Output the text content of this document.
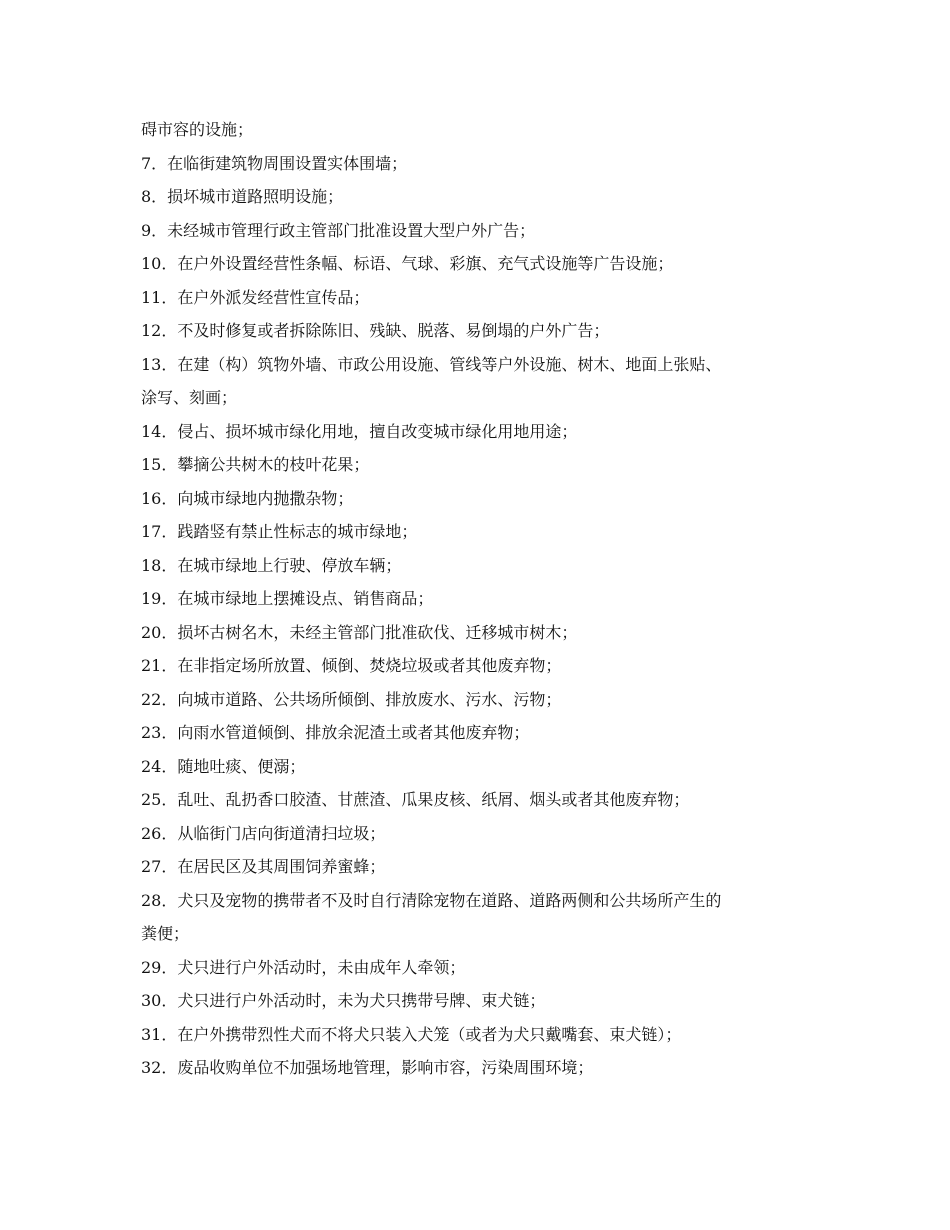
碍市容的设施；
7．在临街建筑物周围设置实体围墙；
8．损坏城市道路照明设施；
9．未经城市管理行政主管部门批准设置大型户外广告；
10．在户外设置经营性条幅、标语、气球、彩旗、充气式设施等广告设施；
11．在户外派发经营性宣传品；
12．不及时修复或者拆除陈旧、残缺、脱落、易倒塌的户外广告；
13．在建（构）筑物外墙、市政公用设施、管线等户外设施、树木、地面上张贴、
涂写、刻画；
14．侵占、损坏城市绿化用地，擅自改变城市绿化用地用途；
15．攀摘公共树木的枝叶花果；
16．向城市绿地内抛撒杂物；
17．践踏竖有禁止性标志的城市绿地；
18．在城市绿地上行驶、停放车辆；
19．在城市绿地上摆摊设点、销售商品；
20．损坏古树名木，未经主管部门批准砍伐、迁移城市树木；
21．在非指定场所放置、倾倒、焚烧垃圾或者其他废弃物；
22．向城市道路、公共场所倾倒、排放废水、污水、污物；
23．向雨水管道倾倒、排放余泥渣土或者其他废弃物；
24．随地吐痰、便溺；
25．乱吐、乱扔香口胶渣、甘蔗渣、瓜果皮核、纸屑、烟头或者其他废弃物；
26．从临街门店向街道清扫垃圾；
27．在居民区及其周围饲养蜜蜂；
28．犬只及宠物的携带者不及时自行清除宠物在道路、道路两侧和公共场所产生的
粪便；
29．犬只进行户外活动时，未由成年人牵领；
30．犬只进行户外活动时，未为犬只携带号牌、束犬链；
31．在户外携带烈性犬而不将犬只装入犬笼（或者为犬只戴嘴套、束犬链）；
32．废品收购单位不加强场地管理，影响市容，污染周围环境；
